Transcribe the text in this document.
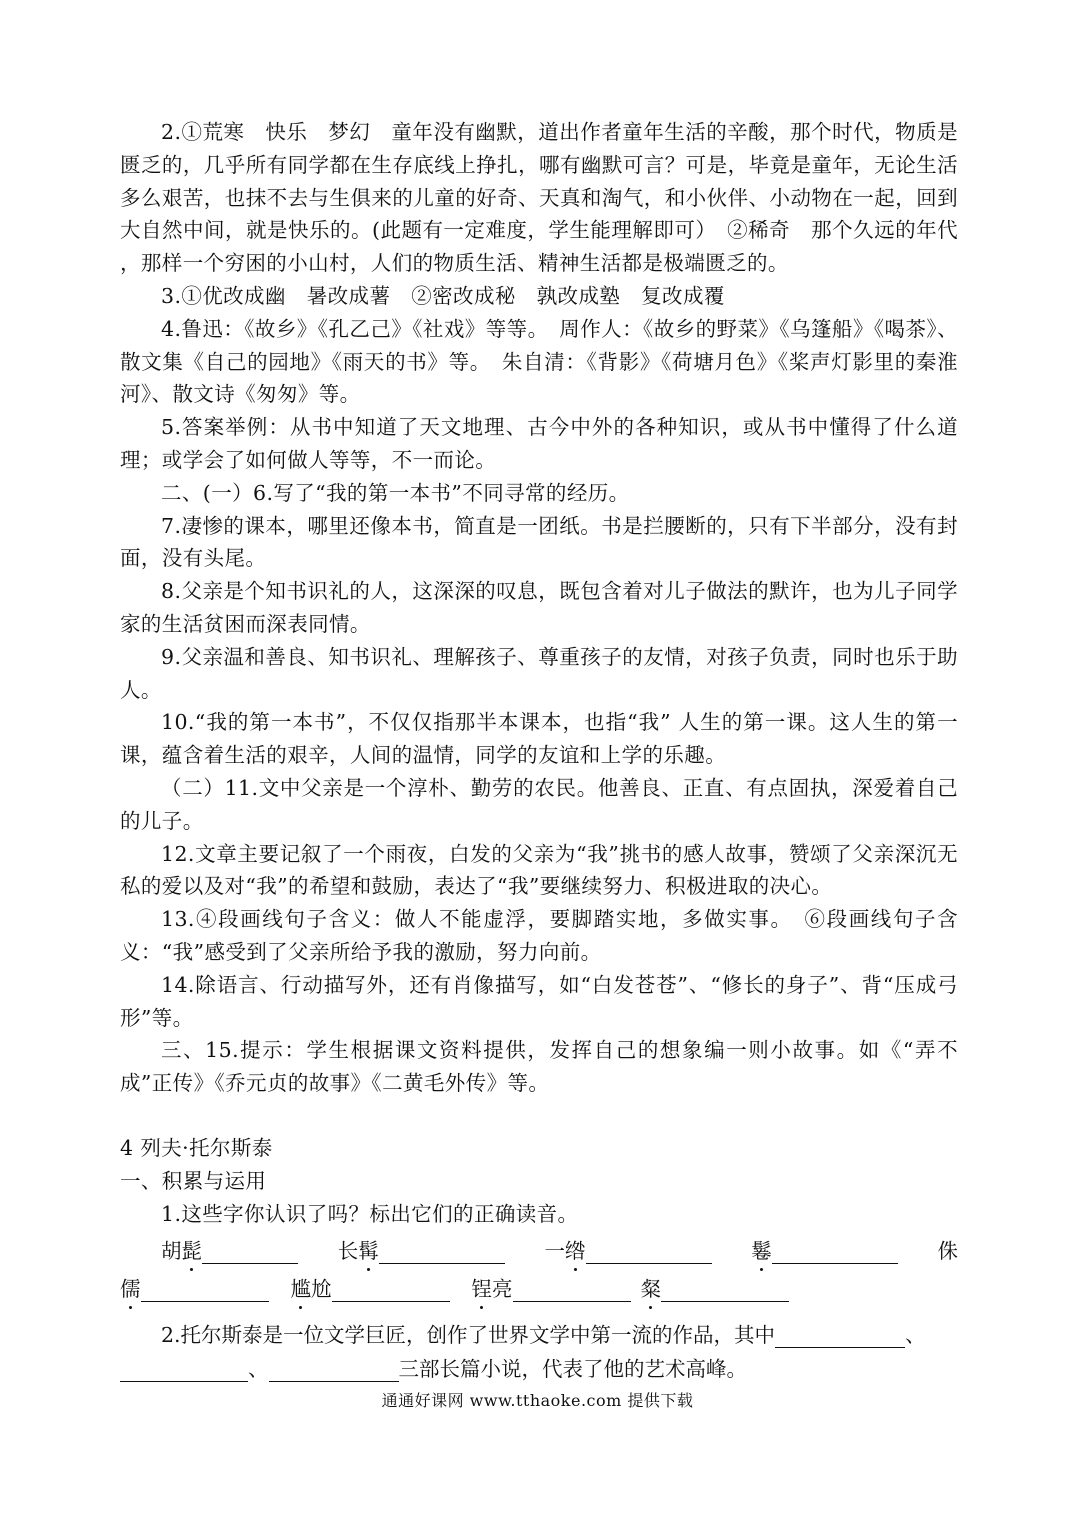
2.①荒寒　快乐　梦幻　童年没有幽默，道出作者童年生活的辛酸，那个时代，物质是匮乏的，几乎所有同学都在生存底线上挣扎，哪有幽默可言？可是，毕竟是童年，无论生活多么艰苦，也抹不去与生俱来的儿童的好奇、天真和淘气，和小伙伴、小动物在一起，回到大自然中间，就是快乐的。(此题有一定难度，学生能理解即可）　②稀奇　那个久远的年代 ，那样一个穷困的小山村，人们的物质生活、精神生活都是极端匮乏的。

3.①优改成幽　暑改成薯　②密改成秘　孰改成塾　复改成覆

4.鲁迅：《故乡》《孔乙己》《社戏》等等。　周作人：《故乡的野菜》《乌篷船》《喝茶》、散文集《自己的园地》《雨天的书》等。　朱自清：《背影》《荷塘月色》《桨声灯影里的秦淮河》、散文诗《匆匆》等。

5.答案举例：从书中知道了天文地理、古今中外的各种知识，或从书中懂得了什么道理；或学会了如何做人等等，不一而论。

二、(一）6.写了“我的第一本书”不同寻常的经历。

7.凄惨的课本，哪里还像本书，简直是一团纸。书是拦腰断的，只有下半部分，没有封面，没有头尾。

8.父亲是个知书识礼的人，这深深的叹息，既包含着对儿子做法的默许，也为儿子同学家的生活贫困而深表同情。

9.父亲温和善良、知书识礼、理解孩子、尊重孩子的友情，对孩子负责，同时也乐于助人。

10.“我的第一本书”，不仅仅指那半本课本，也指“我” 人生的第一课。这人生的第一课，蕴含着生活的艰辛，人间的温情，同学的友谊和上学的乐趣。

（二）11.文中父亲是一个淳朴、勤劳的农民。他善良、正直、有点固执，深爱着自己的儿子。

12.文章主要记叙了一个雨夜，白发的父亲为“我”挑书的感人故事，赞颂了父亲深沉无私的爱以及对“我”的希望和鼓励，表达了“我”要继续努力、积极进取的决心。

13.④段画线句子含义：做人不能虚浮，要脚踏实地，多做实事。　⑥段画线句子含义：“我”感受到了父亲所给予我的激励，努力向前。

14.除语言、行动描写外，还有肖像描写，如“白发苍苍”、“修长的身子”、背“压成弓形”等。

三、15.提示：学生根据课文资料提供，发挥自己的想象编一则小故事。如《“弄不成”正传》《乔元贞的故事》《二黄毛外传》等。

4 列夫·托尔斯泰

一、积累与运用

1.这些字你认识了吗？标出它们的正确读音。

胡髭	长髯	一绺	鬈	侏
儒	尴尬	锃亮	粲
2.托尔斯泰是一位文学巨匠，创作了世界文学中第一流的作品，其中	、
、	三部长篇小说，代表了他的艺术高峰。
通通好课网 www.tthaoke.com 提供下载
